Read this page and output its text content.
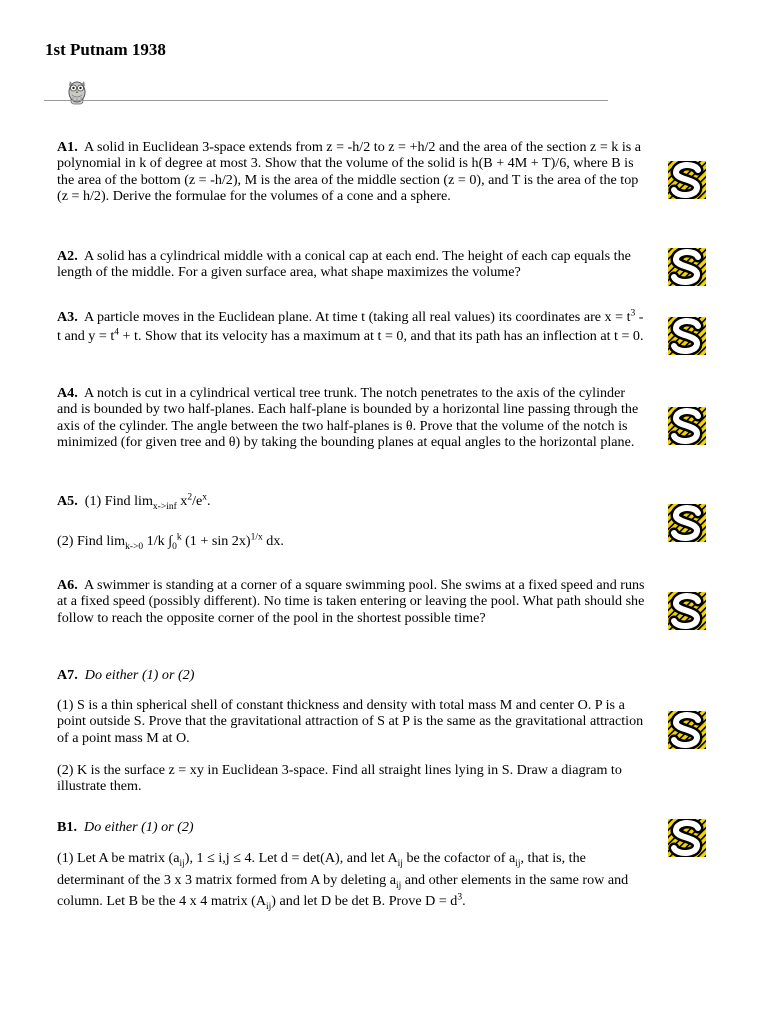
1st Putnam 1938
A1. A solid in Euclidean 3-space extends from z = -h/2 to z = +h/2 and the area of the section z = k is a polynomial in k of degree at most 3. Show that the volume of the solid is h(B + 4M + T)/6, where B is the area of the bottom (z = -h/2), M is the area of the middle section (z = 0), and T is the area of the top (z = h/2). Derive the formulae for the volumes of a cone and a sphere.
A2. A solid has a cylindrical middle with a conical cap at each end. The height of each cap equals the length of the middle. For a given surface area, what shape maximizes the volume?
A3. A particle moves in the Euclidean plane. At time t (taking all real values) its coordinates are $x = t^3 - t$ and $y = t^4 + t$. Show that its velocity has a maximum at t = 0, and that its path has an inflection at t = 0.
A4. A notch is cut in a cylindrical vertical tree trunk. The notch penetrates to the axis of the cylinder and is bounded by two half-planes. Each half-plane is bounded by a horizontal line passing through the axis of the cylinder. The angle between the two half-planes is θ. Prove that the volume of the notch is minimized (for given tree and θ) by taking the bounding planes at equal angles to the horizontal plane.
A5. (1) Find $\lim_{x->inf} x^2/e^x$.
(2) Find $\lim_{k->0} 1/k$ $\int_0^k$ $(1 + \sin 2x)^{1/x}$ dx.
A6. A swimmer is standing at a corner of a square swimming pool. She swims at a fixed speed and runs at a fixed speed (possibly different). No time is taken entering or leaving the pool. What path should she follow to reach the opposite corner of the pool in the shortest possible time?
A7. Do either (1) or (2)
(1) S is a thin spherical shell of constant thickness and density with total mass M and center O. P is a point outside S. Prove that the gravitational attraction of S at P is the same as the gravitational attraction of a point mass M at O.
(2) K is the surface z = xy in Euclidean 3-space. Find all straight lines lying in S. Draw a diagram to illustrate them.
B1. Do either (1) or (2)
(1) Let A be matrix $(a_{ij})$, 1 ≤ i,j ≤ 4. Let d = det(A), and let $A_{ij}$ be the cofactor of $a_{ij}$, that is, the determinant of the 3 x 3 matrix formed from A by deleting $a_{ij}$ and other elements in the same row and column. Let B be the 4 x 4 matrix $(A_{ij})$ and let D be det B. Prove $D = d^3$.
